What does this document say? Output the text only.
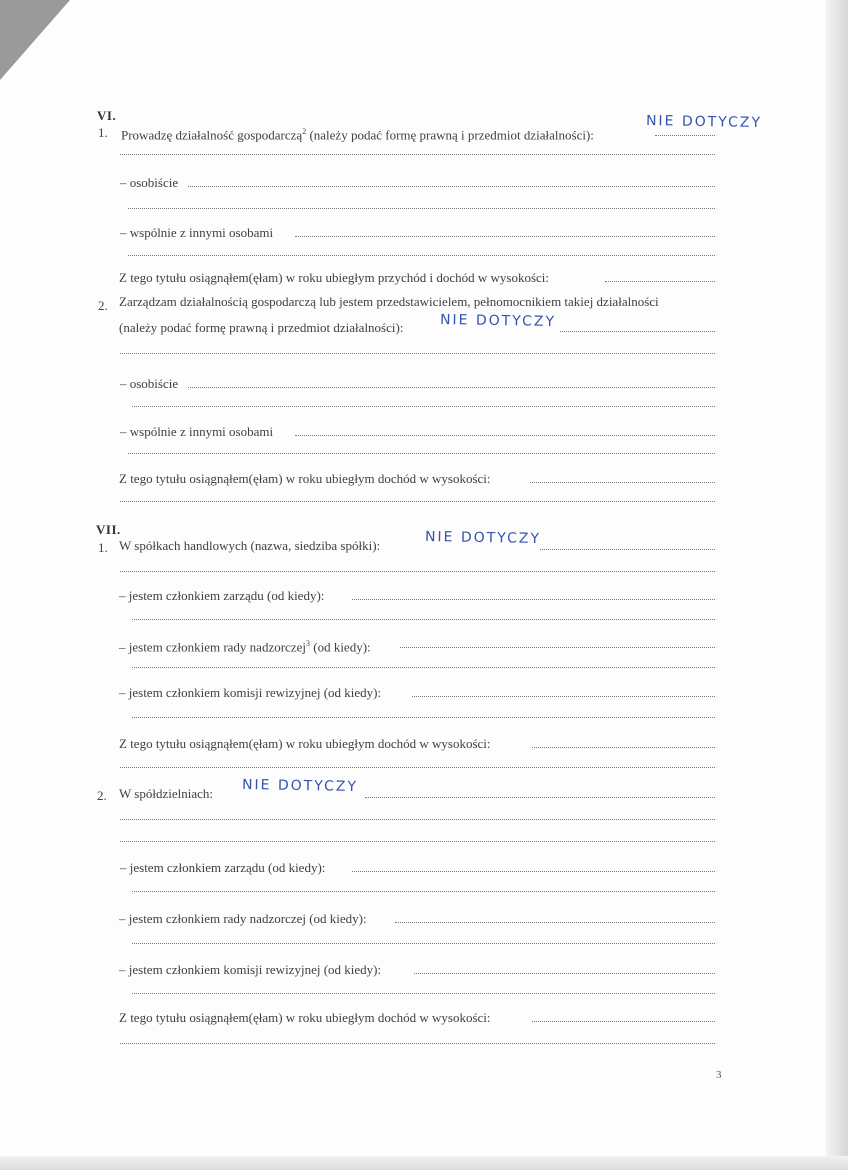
VI.
1. Prowadzę działalność gospodarczą$^2$ (należy podać formę prawną i przedmiot działalności):
NIE DOTYCZY
– osobiście
– wspólnie z innymi osobami
Z tego tytułu osiągnąłem(ęłam) w roku ubiegłym przychód i dochód w wysokości:
2. Zarządzam działalnością gospodarczą lub jestem przedstawicielem, pełnomocnikiem takiej działalności
(należy podać formę prawną i przedmiot działalności):	NIE DOTYCZY
– osobiście
– wspólnie z innymi osobami
Z tego tytułu osiągnąłem(ęłam) w roku ubiegłym dochód w wysokości:
VII.
1. W spółkach handlowych (nazwa, siedziba spółki):	NIE DOTYCZY
– jestem członkiem zarządu (od kiedy):
– jestem członkiem rady nadzorczej$^3$ (od kiedy):
– jestem członkiem komisji rewizyjnej (od kiedy):
Z tego tytułu osiągnąłem(ęłam) w roku ubiegłym dochód w wysokości:
2. W spółdzielniach: NIE DOTYCZY
– jestem członkiem zarządu (od kiedy):
– jestem członkiem rady nadzorczej (od kiedy):
– jestem członkiem komisji rewizyjnej (od kiedy):
Z tego tytułu osiągnąłem(ęłam) w roku ubiegłym dochód w wysokości:
3
